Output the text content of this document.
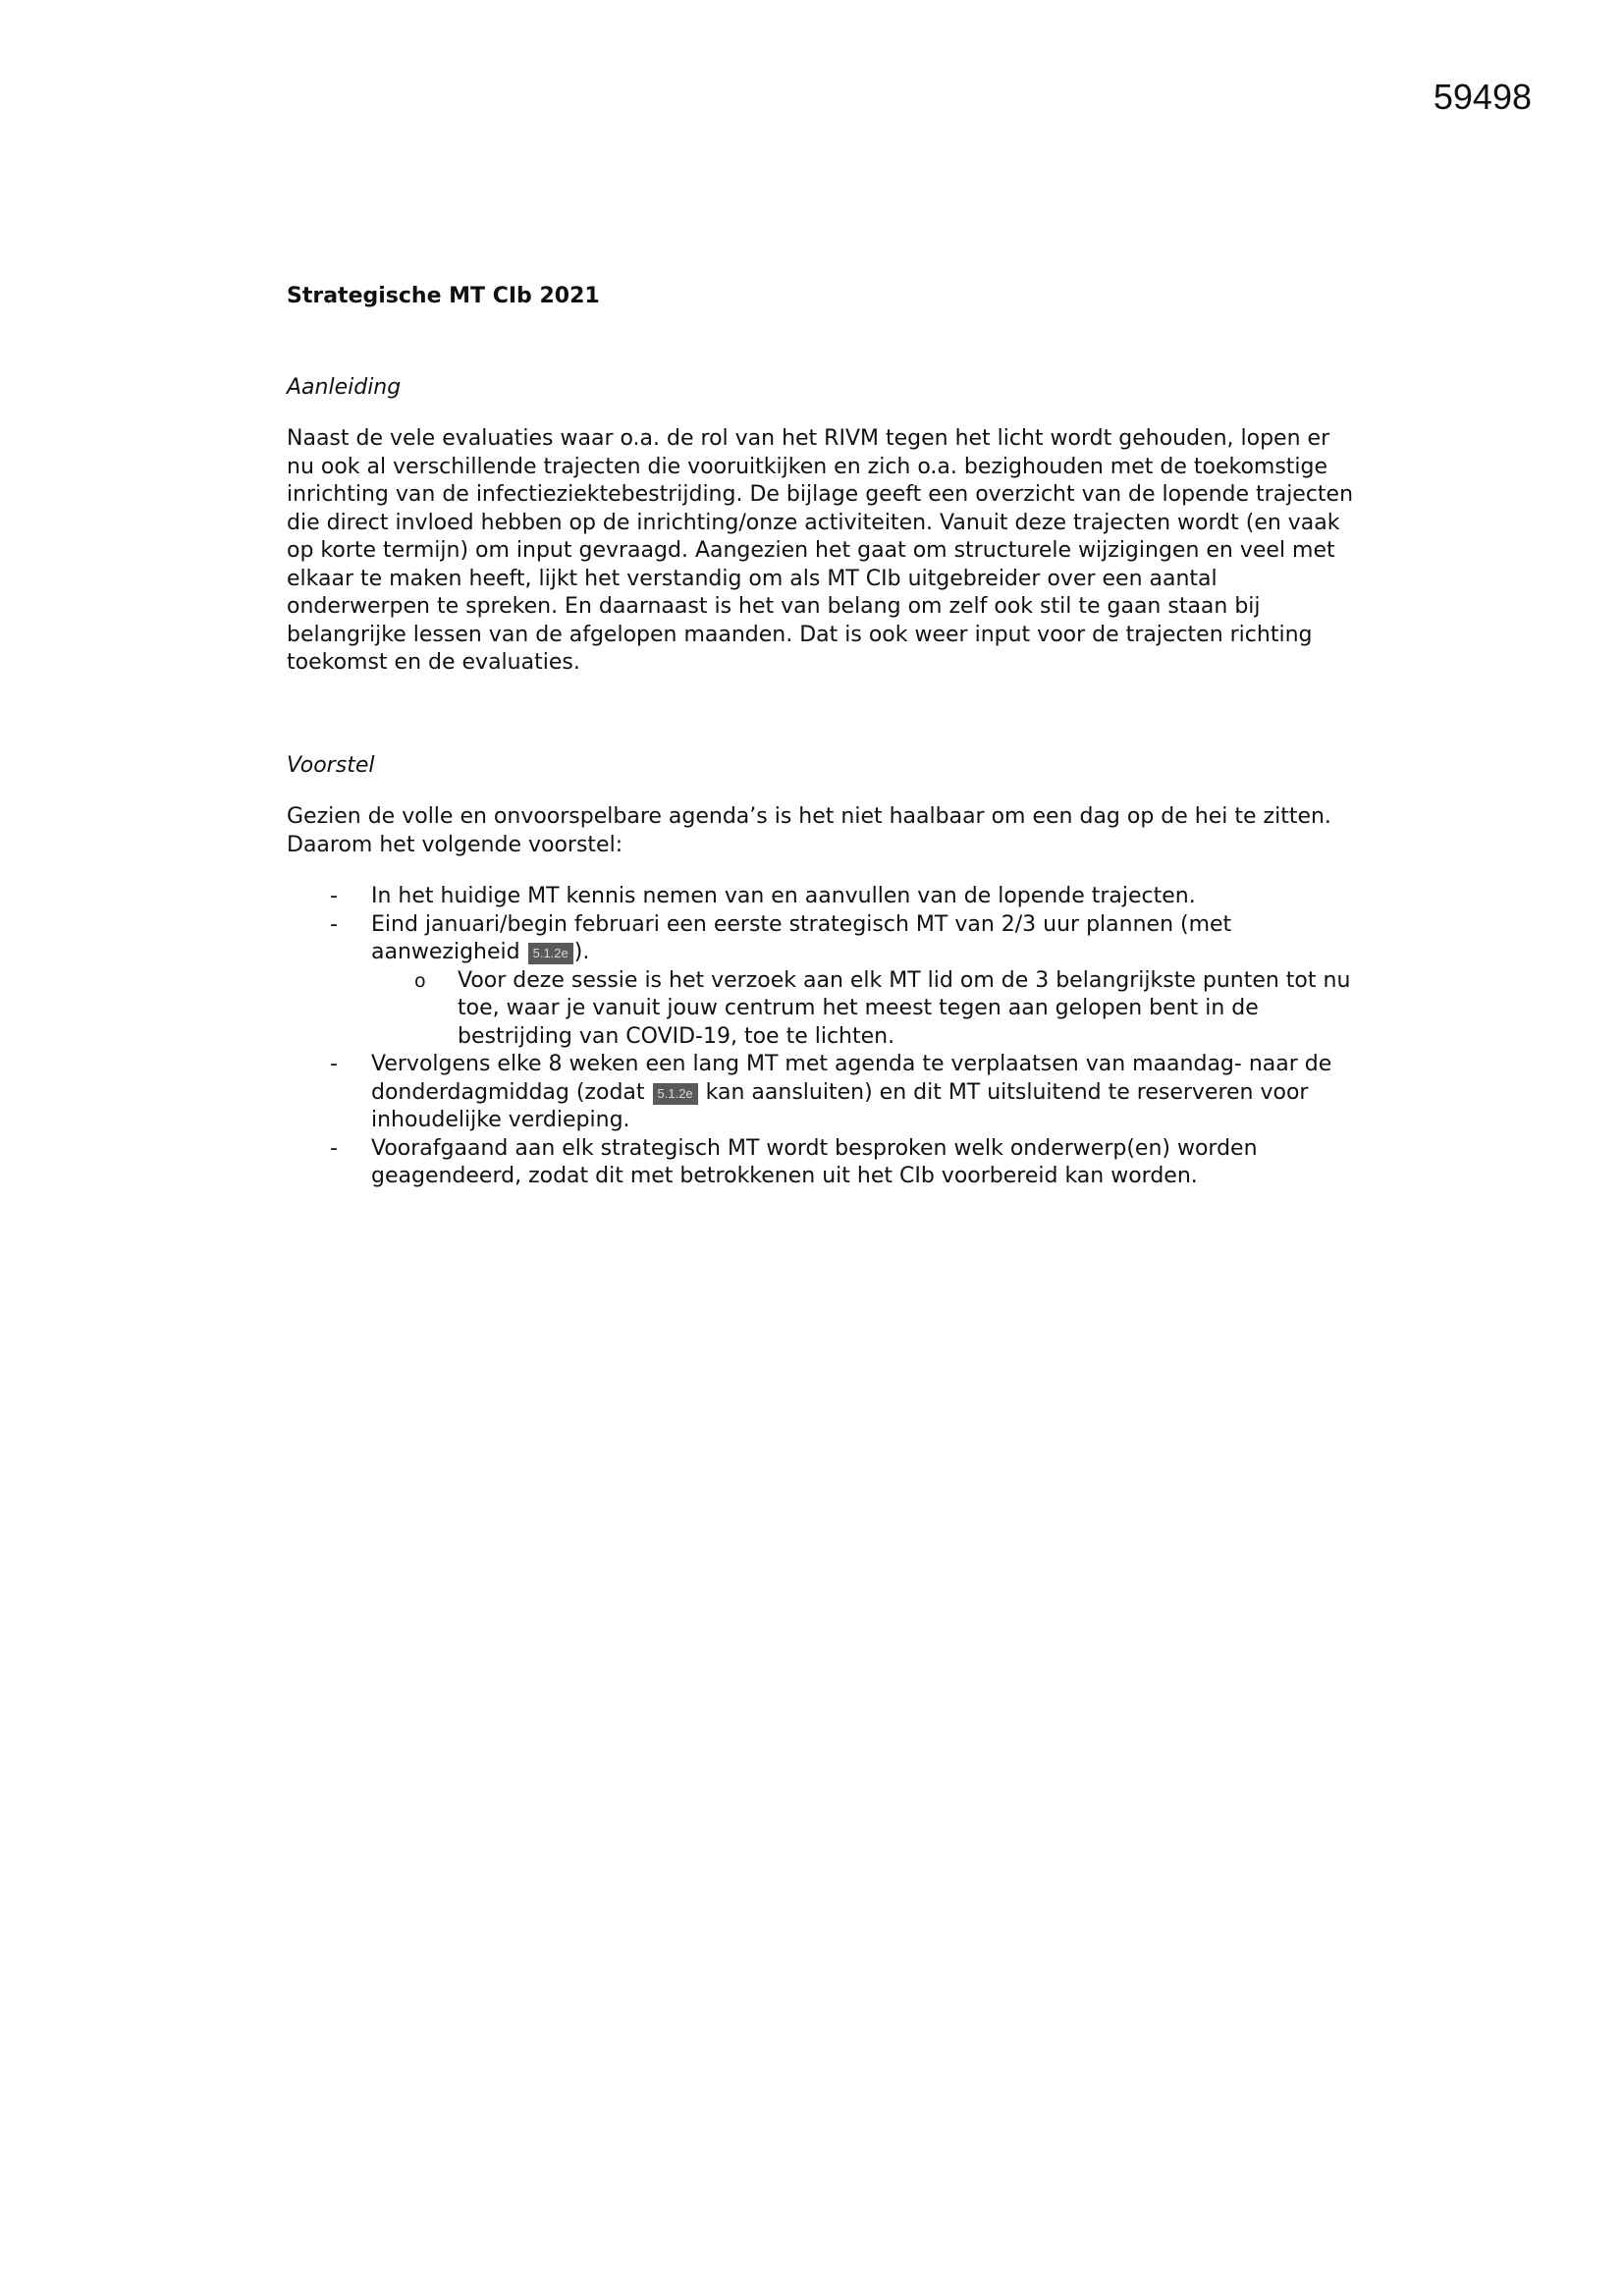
59498
Strategische MT CIb 2021
Aanleiding

Naast de vele evaluaties waar o.a. de rol van het RIVM tegen het licht wordt gehouden, lopen er nu ook al verschillende trajecten die vooruitkijken en zich o.a. bezighouden met de toekomstige inrichting van de infectieziektebestrijding. De bijlage geeft een overzicht van de lopende trajecten die direct invloed hebben op de inrichting/onze activiteiten. Vanuit deze trajecten wordt (en vaak op korte termijn) om input gevraagd. Aangezien het gaat om structurele wijzigingen en veel met elkaar te maken heeft, lijkt het verstandig om als MT CIb uitgebreider over een aantal onderwerpen te spreken. En daarnaast is het van belang om zelf ook stil te gaan staan bij belangrijke lessen van de afgelopen maanden. Dat is ook weer input voor de trajecten richting toekomst en de evaluaties.

Voorstel

Gezien de volle en onvoorspelbare agenda’s is het niet haalbaar om een dag op de hei te zitten. Daarom het volgende voorstel:

- In het huidige MT kennis nemen van en aanvullen van de lopende trajecten.
- Eind januari/begin februari een eerste strategisch MT van 2/3 uur plannen (met aanwezigheid 5.1.2e ).
o Voor deze sessie is het verzoek aan elk MT lid om de 3 belangrijkste punten tot nu toe, waar je vanuit jouw centrum het meest tegen aan gelopen bent in de bestrijding van COVID-19, toe te lichten.
- Vervolgens elke 8 weken een lang MT met agenda te verplaatsen van maandag- naar de donderdagmiddag (zodat 5.1.2e kan aansluiten) en dit MT uitsluitend te reserveren voor inhoudelijke verdieping.
- Voorafgaand aan elk strategisch MT wordt besproken welk onderwerp(en) worden geagendeerd, zodat dit met betrokkenen uit het CIb voorbereid kan worden.
